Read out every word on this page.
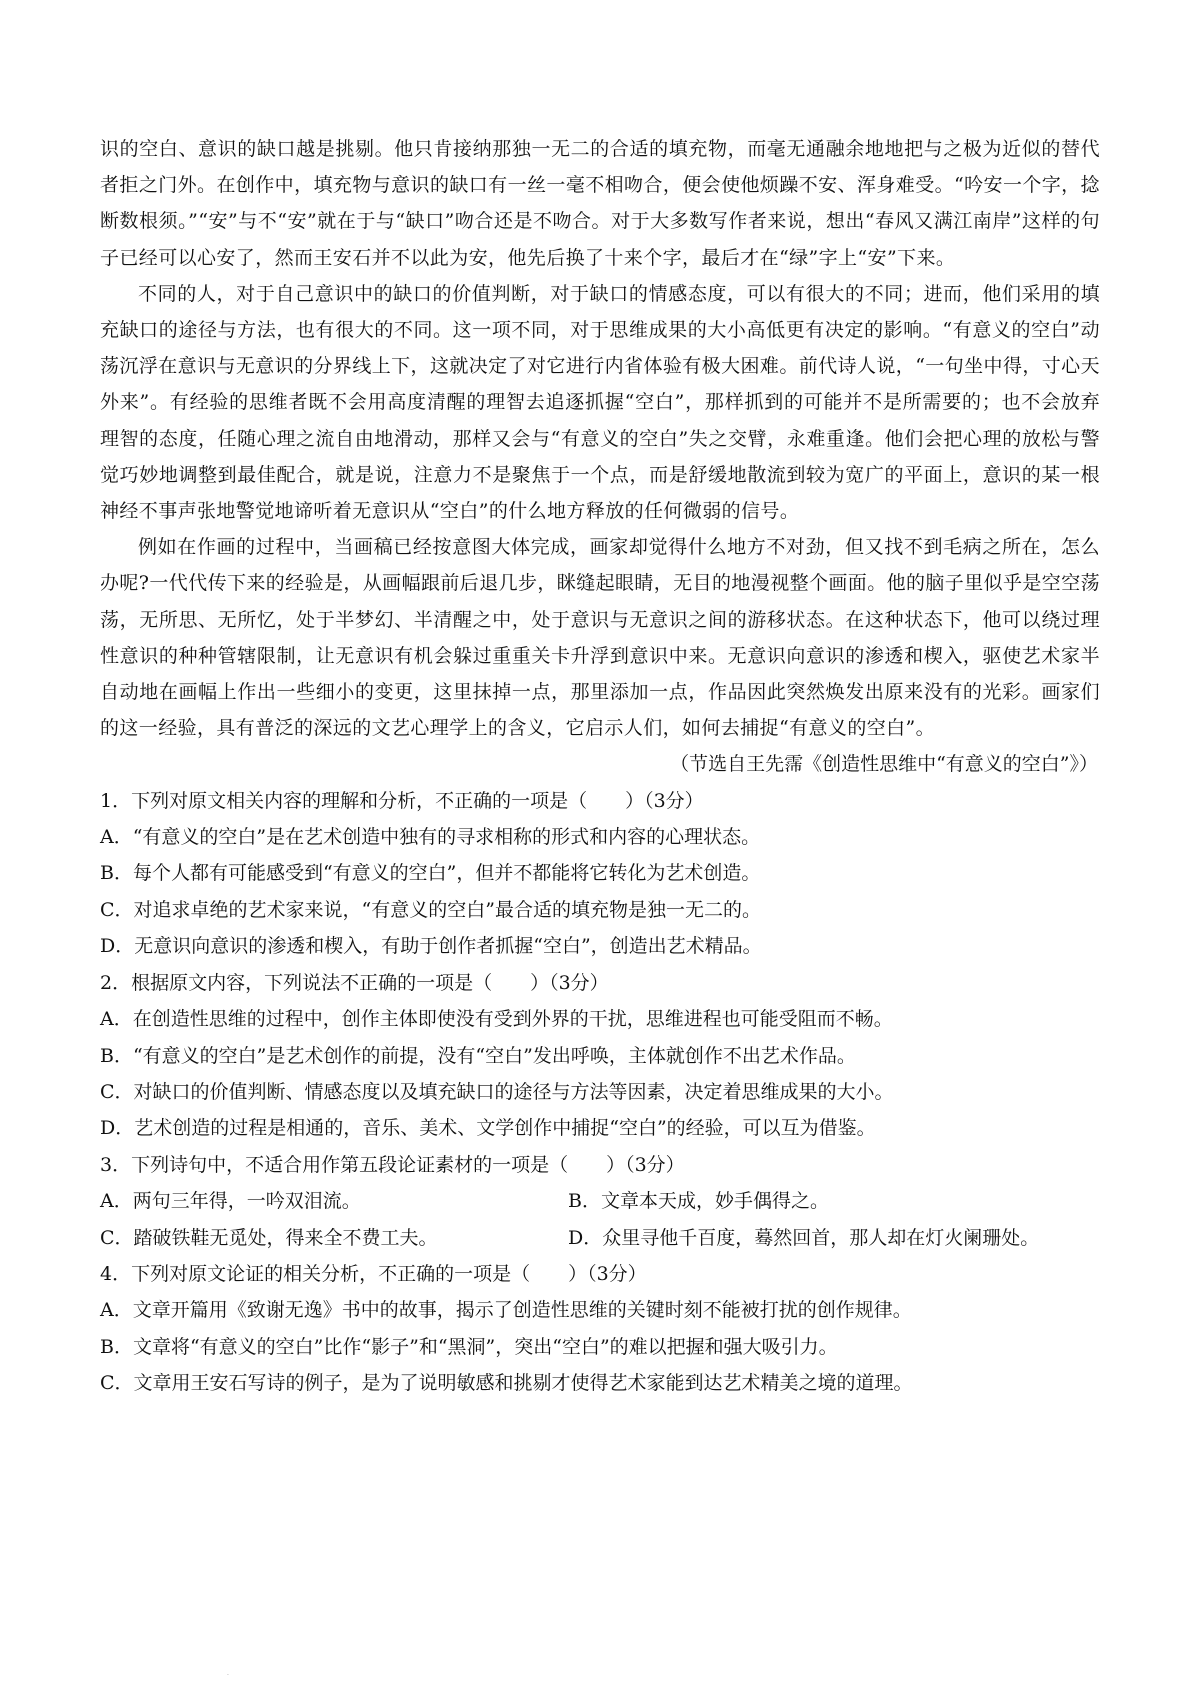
识的空白、意识的缺口越是挑剔。他只肯接纳那独一无二的合适的填充物，而毫无通融余地地把与之极为近似的替代者拒之门外。在创作中，填充物与意识的缺口有一丝一毫不相吻合，便会使他烦躁不安、浑身难受。“吟安一个字，捻断数根须。”“安”与不“安”就在于与“缺口”吻合还是不吻合。对于大多数写作者来说，想出“春风又满江南岸”这样的句子已经可以心安了，然而王安石并不以此为安，他先后换了十来个字，最后才在“绿”字上“安”下来。

不同的人，对于自己意识中的缺口的价值判断，对于缺口的情感态度，可以有很大的不同；进而，他们采用的填充缺口的途径与方法，也有很大的不同。这一项不同，对于思维成果的大小高低更有决定的影响。“有意义的空白”动荡沉浮在意识与无意识的分界线上下，这就决定了对它进行内省体验有极大困难。前代诗人说，“一句坐中得，寸心天外来”。有经验的思维者既不会用高度清醒的理智去追逐抓握“空白”，那样抓到的可能并不是所需要的；也不会放弃理智的态度，任随心理之流自由地滑动，那样又会与“有意义的空白”失之交臂，永难重逢。他们会把心理的放松与警觉巧妙地调整到最佳配合，就是说，注意力不是聚焦于一个点，而是舒缓地散流到较为宽广的平面上，意识的某一根神经不事声张地警觉地谛听着无意识从“空白”的什么地方释放的任何微弱的信号。

例如在作画的过程中，当画稿已经按意图大体完成，画家却觉得什么地方不对劲，但又找不到毛病之所在，怎么办呢?一代代传下来的经验是，从画幅跟前后退几步，眯缝起眼睛，无目的地漫视整个画面。他的脑子里似乎是空空荡荡，无所思、无所忆，处于半梦幻、半清醒之中，处于意识与无意识之间的游移状态。在这种状态下，他可以绕过理性意识的种种管辖限制，让无意识有机会躲过重重关卡升浮到意识中来。无意识向意识的渗透和楔入，驱使艺术家半自动地在画幅上作出一些细小的变更，这里抹掉一点，那里添加一点，作品因此突然焕发出原来没有的光彩。画家们的这一经验，具有普泛的深远的文艺心理学上的含义，它启示人们，如何去捕捉“有意义的空白”。

（节选自王先霈《创造性思维中“有意义的空白”》）

1．下列对原文相关内容的理解和分析，不正确的一项是（　　）（3分）

A．“有意义的空白”是在艺术创造中独有的寻求相称的形式和内容的心理状态。

B．每个人都有可能感受到“有意义的空白”，但并不都能将它转化为艺术创造。

C．对追求卓绝的艺术家来说，“有意义的空白”最合适的填充物是独一无二的。

D．无意识向意识的渗透和楔入，有助于创作者抓握“空白”，创造出艺术精品。

2．根据原文内容，下列说法不正确的一项是（　　）（3分）

A．在创造性思维的过程中，创作主体即使没有受到外界的干扰，思维进程也可能受阻而不畅。

B．“有意义的空白”是艺术创作的前提，没有“空白”发出呼唤，主体就创作不出艺术作品。

C．对缺口的价值判断、情感态度以及填充缺口的途径与方法等因素，决定着思维成果的大小。

D．艺术创造的过程是相通的，音乐、美术、文学创作中捕捉“空白”的经验，可以互为借鉴。

3．下列诗句中，不适合用作第五段论证素材的一项是（　　）（3分）

A．两句三年得，一吟双泪流。	B．文章本天成，妙手偶得之。
C．踏破铁鞋无觅处，得来全不费工夫。	D．众里寻他千百度，蓦然回首，那人却在灯火阑珊处。

4．下列对原文论证的相关分析，不正确的一项是（　　）（3分）

A．文章开篇用《致谢无逸》书中的故事，揭示了创造性思维的关键时刻不能被打扰的创作规律。

B．文章将“有意义的空白”比作“影子”和“黑洞”，突出“空白”的难以把握和强大吸引力。

C．文章用王安石写诗的例子，是为了说明敏感和挑剔才使得艺术家能到达艺术精美之境的道理。

·
